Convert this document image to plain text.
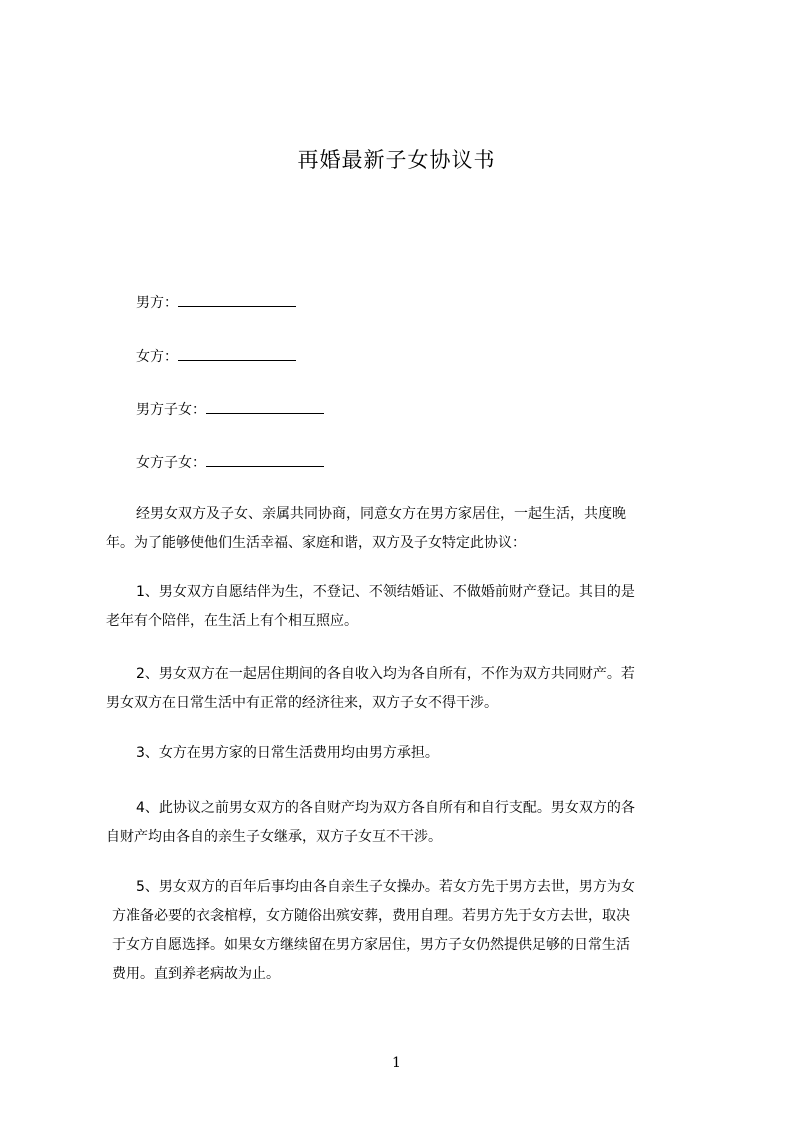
再婚最新子女协议书
男方：
女方：
男方子女：
女方子女：
经男女双方及子女、亲属共同协商，同意女方在男方家居住，一起生活，共度晚
年。为了能够使他们生活幸福、家庭和谐，双方及子女特定此协议：
1、男女双方自愿结伴为生，不登记、不领结婚证、不做婚前财产登记。其目的是
老年有个陪伴，在生活上有个相互照应。
2、男女双方在一起居住期间的各自收入均为各自所有，不作为双方共同财产。若
男女双方在日常生活中有正常的经济往来，双方子女不得干涉。
3、女方在男方家的日常生活费用均由男方承担。
4、此协议之前男女双方的各自财产均为双方各自所有和自行支配。男女双方的各
自财产均由各自的亲生子女继承，双方子女互不干涉。
5、男女双方的百年后事均由各自亲生子女操办。若女方先于男方去世，男方为女
方准备必要的衣衾棺椁，女方随俗出殡安葬，费用自理。若男方先于女方去世，取决
于女方自愿选择。如果女方继续留在男方家居住，男方子女仍然提供足够的日常生活
费用。直到养老病故为止。
1
